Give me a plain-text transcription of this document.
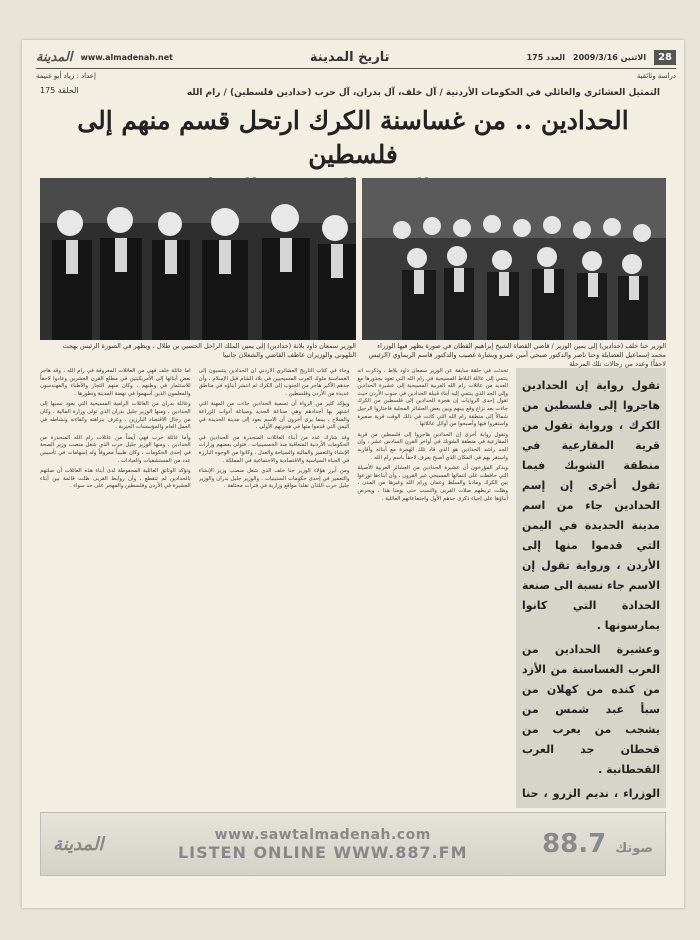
28
الاثنين 2009/3/16
العدد 175
تاريخ المدينة
www.almadenah.net
المدينة
دراسة وثائقية
إعداد : زياد أبو غنيمة
الحلقة 175	التمثيل العشائري والعائلي في الحكومات الأردنية / آل خلف، آل بدران، آل حرب (حدادين فلسطين) / رام الله
الحدادين .. من غساسنة الكرك ارتحل قسم منهم إلى فلسطين
الوزير حنا خلف (حدادين) إلى يمين الوزير / قاضي القضاة الشيخ إبراهيم القطان في صورة يظهر فيها الوزراء محمد إسماعيل العضايلة وحنا ناصر والدكتور صبحي أمين عمرو وبشارة غصيب والدكتور قاسم الريماوي (الرئيس لاحقاً) وعدد من رجالات تلك المرحلة
الوزير سمعان داود بلانة (حدادين) إلى يمين الملك الراحل الحسين بن طلال ، ويظهر في الصورة الرئيس بهجت التلهوني والوزيران عاطف القاضي والشعلان جانبيا

تقول رواية إن الحدادين هاجروا إلى فلسطين من الكرك ، ورواية تقول من قرية المقارعية في منطقة الشوبك فيما تقول أخرى إن إسم الحدادين جاء من اسم مدينة الحديدة في اليمن التي قدموا منها إلى الأردن ، ورواية تقول إن الاسم جاء نسبة الى صنعة الحدادة التي كانوا يمارسونها .

وعشيرة الحدادين من العرب الغساسنة من الأزد من كنده من كهلان من سبأ عبد شمس من يشجب من يعرب من قحطان جد العرب القحطانية .

الوزراء ، نديم الزرو ، حنا

تحدثت في حلقة سابقة عن الوزير سمعان داود بلاط ، وذكرت أنه ينتمي إلى عائلة البلاط المسيحية في رام الله التي تعود بجذورها مع العديد من عائلات رام الله العربية المسيحية إلى عشيرة الحدادين وإلى الجد الذي ينتمي إليه أبناء قبيلة الحدادين في جنوب الأردن حيث تقول إحدى الروايات إن هجرة الحدادين إلى فلسطين من الكرك جاءت بعد نزاع وقع بينهم وبين بعض العشائر المحلية فاختاروا الرحيل شمالاً إلى منطقة رام الله التي كانت في ذلك الوقت قرية صغيرة واستقروا فيها وأصبحوا من أوائل عائلاتها .

وتقول رواية أخرى إن الحدادين هاجروا إلى فلسطين من قرية المقارعية في منطقة الشوبك في أواخر القرن السادس عشر ، وإن الجد راشد الحدادين هو الذي قاد تلك الهجرة مع أبنائه وأقاربه واستقر بهم في المكان الذي أصبح يعرف لاحقاً باسم رام الله .

ويذكر المؤرخون أن عشيرة الحدادين من العشائر العربية الأصيلة التي حافظت على انتمائها المسيحي عبر القرون ، وأن أبناءها توزعوا بين الكرك ومادبا والسلط وعمان ورام الله وغيرها من المدن ، وظلت تربطهم صلات القربى والنسب حتى يومنا هذا ، ويحرص أبناؤها على إحياء ذكرى جدهم الأول واجتماعاتهم العائلية .

وجاء في كتاب التاريخ العشائري الأردني أن الحدادين ينتسبون إلى الغساسنة ملوك العرب المسيحيين في بلاد الشام قبل الإسلام ، وأن جدهم الأكبر هاجر من الجنوب إلى الكرك ثم انتشر أبناؤه في مناطق عديدة من الأردن وفلسطين .

ويؤكد كثير من الرواة أن تسمية الحدادين جاءت من المهنة التي اشتهر بها أجدادهم وهي صناعة الحديد وصياغة أدوات الزراعة والسلاح ، بينما يرى آخرون أن الاسم يعود إلى مدينة الحديدة في اليمن التي قدموا منها في هجرتهم الأولى .

وقد شارك عدد من أبناء العائلات المنحدرة من الحدادين في الحكومات الأردنية المتعاقبة منذ الخمسينيات ، فتولى بعضهم وزارات الإنشاء والتعمير والمالية والسياحة والعدل ، وكانوا من الوجوه البارزة في الحياة السياسية والاقتصادية والاجتماعية في المملكة .

ومن أبرز هؤلاء الوزير حنا خلف الذي شغل منصب وزير الإنشاء والتعمير في إحدى حكومات الستينيات ، والوزير جليل بدران والوزير جليل حرب اللذان تقلدا مواقع وزارية في فترات مختلفة .

أما عائلة خلف فهي من العائلات المعروفة في رام الله ، وقد هاجر بعض أبنائها إلى الأمريكيتين في مطلع القرن العشرين وعادوا لاحقاً للاستثمار في وطنهم ، وكان منهم التجار والأطباء والمهندسون والمعلمون الذين أسهموا في نهضة المدينة وتطورها .

وعائلة بدران من العائلات الرامية المسيحية التي يعود نسبها إلى الحدادين ، ومنها الوزير جليل بدران الذي تولى وزارة المالية ، وكان من رجال الاقتصاد البارزين ، وعرف بنزاهته وكفاءته ونشاطه في العمل العام والمؤسسات الخيرية .

وأما عائلة حرب فهي أيضاً من عائلات رام الله المنحدرة من الحدادين ، ومنها الوزير جليل حرب الذي شغل منصب وزير الصحة في إحدى الحكومات ، وكان طبيباً معروفاً وله إسهامات في تأسيس عدد من المستشفيات والعيادات .

وتؤكد الوثائق العائلية المحفوظة لدى أبناء هذه العائلات أن صلتهم بالحدادين لم تنقطع ، وأن روابط القربى ظلت قائمة بين أبناء العشيرة في الأردن وفلسطين والمهجر على حد سواء .

المدينة	www.sawtalmadenah.com
LISTEN ONLINE WWW.887.FM	88.7 صوتك
